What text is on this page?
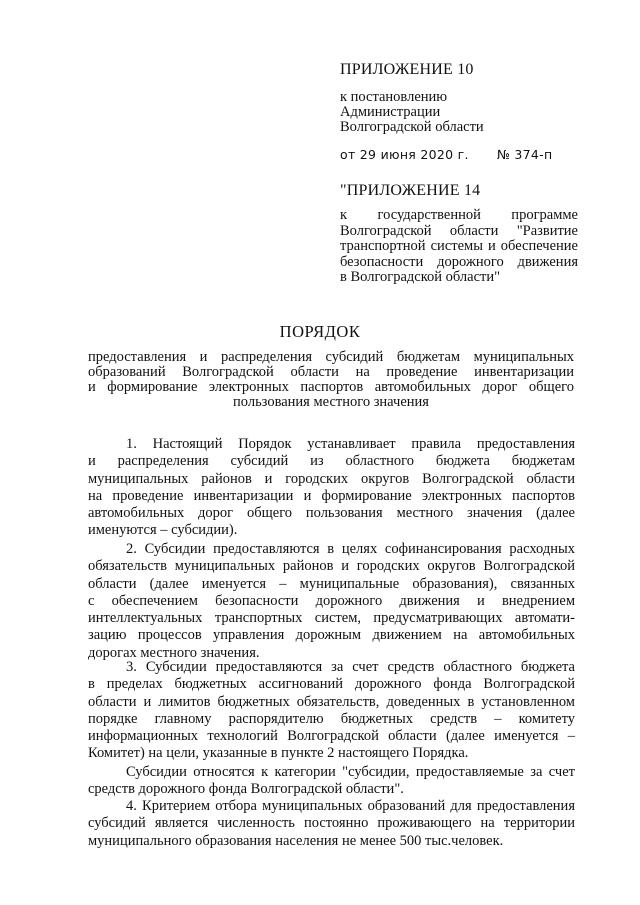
ПРИЛОЖЕНИЕ 10
к постановлению
Администрации
Волгоградской области
от 29 июня 2020 г. № 374-п
"ПРИЛОЖЕНИЕ 14
к государственной программе
Волгоградской области "Развитие
транспортной системы и обеспечение
безопасности дорожного движения
в Волгоградской области"
ПОРЯДОК
предоставления и распределения субсидий бюджетам муниципальных
образований Волгоградской области на проведение инвентаризации
и формирование электронных паспортов автомобильных дорог общего
пользования местного значения
1. Настоящий Порядок устанавливает правила предоставления
и распределения субсидий из областного бюджета бюджетам
муниципальных районов и городских округов Волгоградской области
на проведение инвентаризации и формирование электронных паспортов
автомобильных дорог общего пользования местного значения (далее
именуются – субсидии).
2. Субсидии предоставляются в целях софинансирования расходных
обязательств муниципальных районов и городских округов Волгоградской
области (далее именуется – муниципальные образования), связанных
с обеспечением безопасности дорожного движения и внедрением
интеллектуальных транспортных систем, предусматривающих автомати-
зацию процессов управления дорожным движением на автомобильных
дорогах местного значения.
3. Субсидии предоставляются за счет средств областного бюджета
в пределах бюджетных ассигнований дорожного фонда Волгоградской
области и лимитов бюджетных обязательств, доведенных в установленном
порядке главному распорядителю бюджетных средств – комитету
информационных технологий Волгоградской области (далее именуется –
Комитет) на цели, указанные в пункте 2 настоящего Порядка.
Субсидии относятся к категории "субсидии, предоставляемые за счет
средств дорожного фонда Волгоградской области".
4. Критерием отбора муниципальных образований для предоставления
субсидий является численность постоянно проживающего на территории
муниципального образования населения не менее 500 тыс.человек.
